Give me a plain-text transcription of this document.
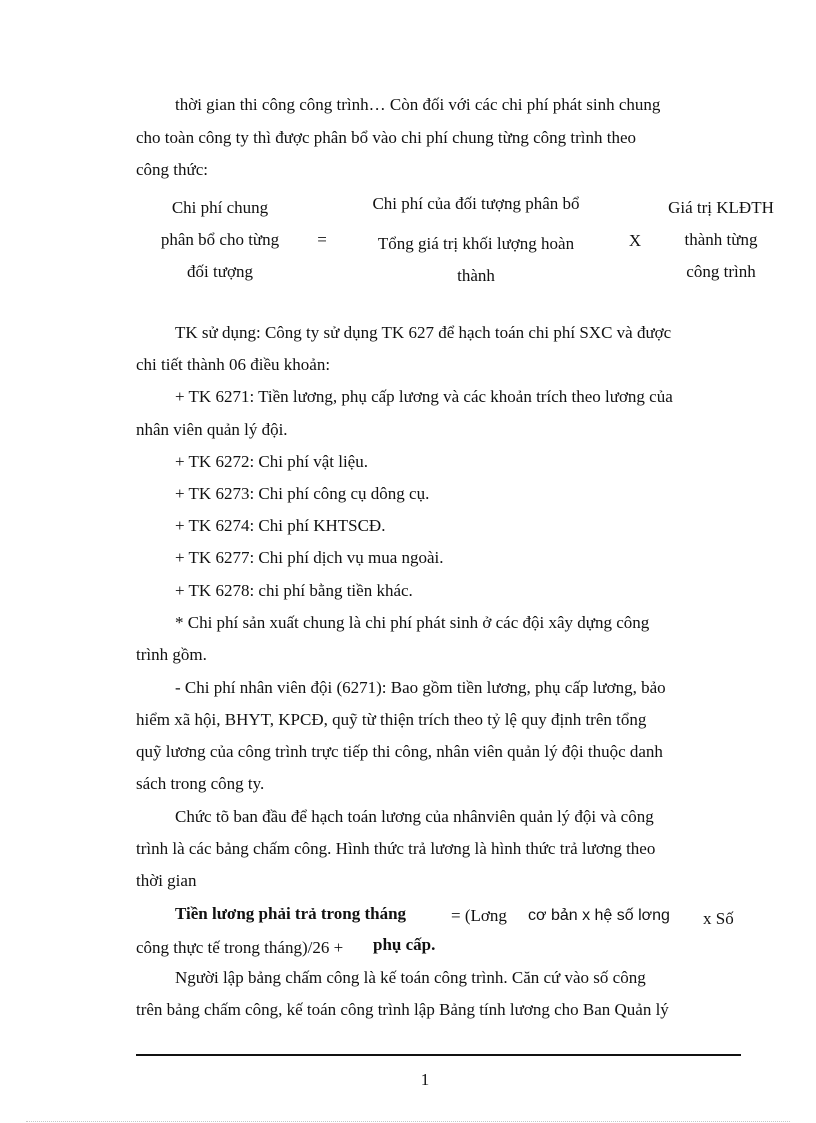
thời gian thi công công trình… Còn đối với các chi phí phát sinh chung
cho toàn công ty thì được phân bổ vào chi phí chung từng công trình theo
công thức:
Chi phí chung
phân bổ cho từng
đối tượng
=
Chi phí của đối tượng phân bổ
Tổng giá trị khối lượng hoàn
thành
X
Giá trị KLĐTH
thành từng
công trình
TK sử dụng: Công ty sử dụng TK 627 để hạch toán chi phí SXC và được
chi tiết thành 06 điều khoản:
+ TK 6271: Tiền lương, phụ cấp lương và các khoản trích theo lương của
nhân viên quản lý đội.
+ TK 6272: Chi phí vật liệu.
+ TK 6273: Chi phí công cụ dông cụ.
+ TK 6274: Chi phí KHTSCĐ.
+ TK 6277: Chi phí dịch vụ mua ngoài.
+ TK 6278: chi phí bằng tiền khác.
* Chi phí sản xuất chung là chi phí phát sinh ở các đội xây dựng công
trình gồm.
- Chi phí nhân viên đội (6271): Bao gồm tiền lương, phụ cấp lương, bảo
hiểm xã hội, BHYT, KPCĐ, quỹ từ thiện trích theo tỷ lệ quy định trên tổng
quỹ lương của công trình trực tiếp thi công, nhân viên quản lý đội thuộc danh
sách trong công ty.
Chức tõ ban đầu để hạch toán lương của nhânviên quản lý đội và công
trình là các bảng chấm công. Hình thức trả lương là hình thức trả lương theo
thời gian
Tiền lương phải trả trong tháng	= (Lơng cơ bản x hệ số lơng x Số
công thực tế trong tháng)/26 + phụ cấp.
Người lập bảng chấm công là kế toán công trình. Căn cứ vào số công
trên bảng chấm công, kế toán công trình lập Bảng tính lương cho Ban Quản lý
1
